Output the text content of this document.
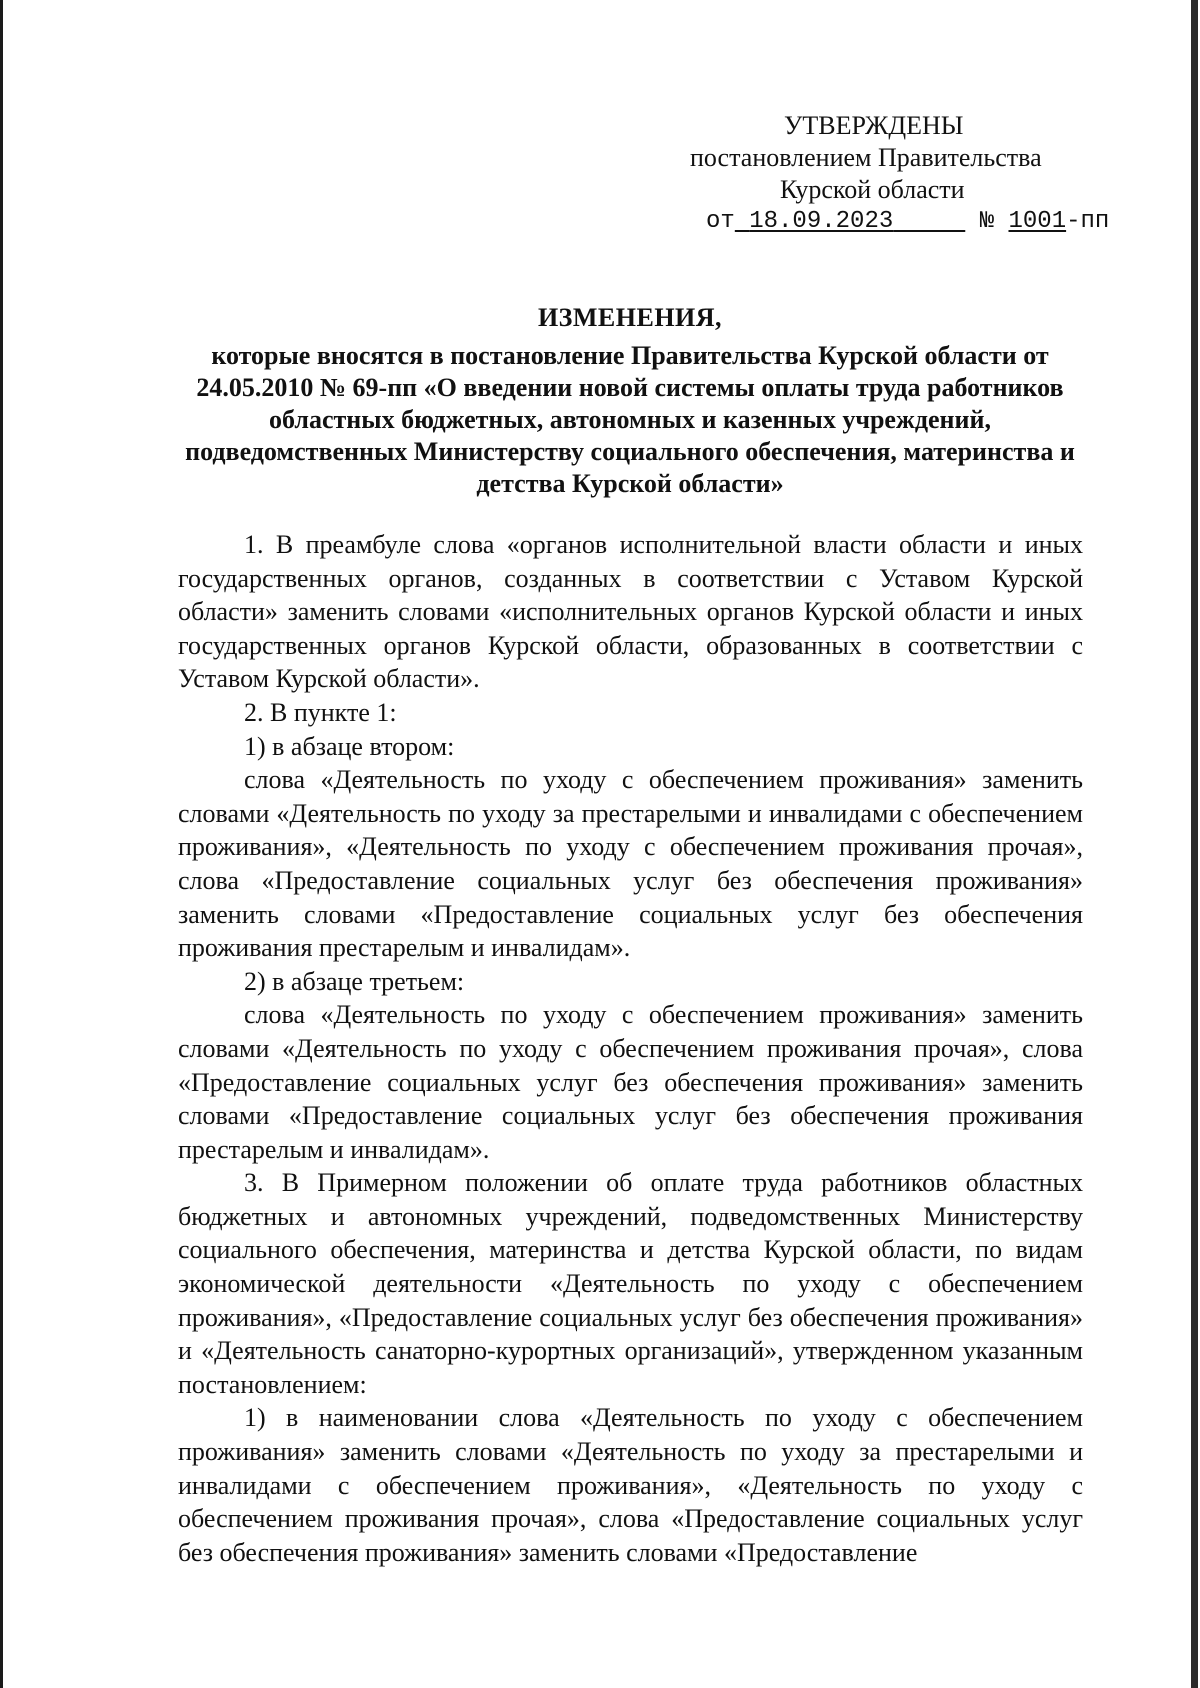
УТВЕРЖДЕНЫ
постановлением Правительства
Курской области
от 18.09.2023	№ 1001-пп
ИЗМЕНЕНИЯ,
которые вносятся в постановление Правительства Курской области от 24.05.2010 № 69-пп «О введении новой системы оплаты труда работников областных бюджетных, автономных и казенных учреждений, подведомственных Министерству социального обеспечения, материнства и детства Курской области»

1. В преамбуле слова «органов исполнительной власти области и иных государственных органов, созданных в соответствии с Уставом Курской области» заменить словами «исполнительных органов Курской области и иных государственных органов Курской области, образованных в соответствии с Уставом Курской области».

2. В пункте 1:

1) в абзаце втором:

слова «Деятельность по уходу с обеспечением проживания» заменить словами «Деятельность по уходу за престарелыми и инвалидами с обеспечением проживания», «Деятельность по уходу с обеспечением проживания прочая», слова «Предоставление социальных услуг без обеспечения проживания» заменить словами «Предоставление социальных услуг без обеспечения проживания престарелым и инвалидам».

2) в абзаце третьем:

слова «Деятельность по уходу с обеспечением проживания» заменить словами «Деятельность по уходу с обеспечением проживания прочая», слова «Предоставление социальных услуг без обеспечения проживания» заменить словами «Предоставление социальных услуг без обеспечения проживания престарелым и инвалидам».

3. В Примерном положении об оплате труда работников областных бюджетных и автономных учреждений, подведомственных Министерству социального обеспечения, материнства и детства Курской области, по видам экономической деятельности «Деятельность по уходу с обеспечением проживания», «Предоставление социальных услуг без обеспечения проживания» и «Деятельность санаторно-курортных организаций», утвержденном указанным постановлением:

1) в наименовании слова «Деятельность по уходу с обеспечением проживания» заменить словами «Деятельность по уходу за престарелыми и инвалидами с обеспечением проживания», «Деятельность по уходу с обеспечением проживания прочая», слова «Предоставление социальных услуг без обеспечения проживания» заменить словами «Предоставление
